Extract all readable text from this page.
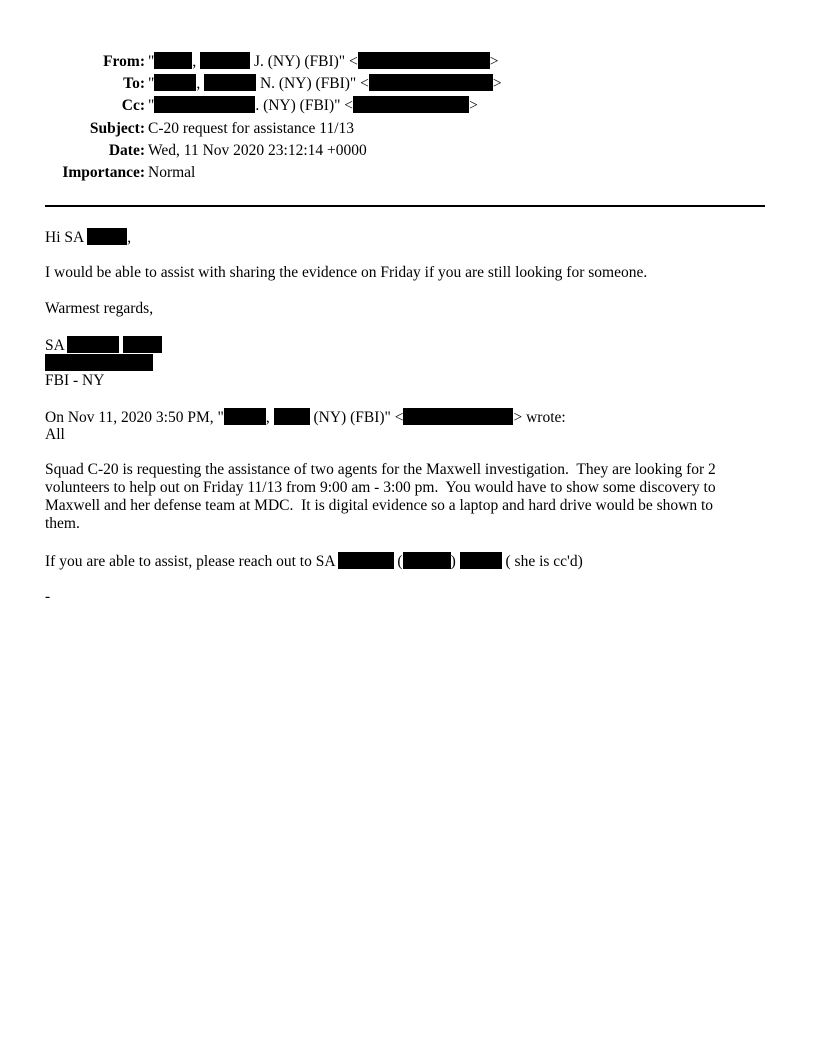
From: " ,	J. (NY) (FBI)" <	>
To: "	,	N. (NY) (FBI)" <	>
Cc: "	. (NY) (FBI)" <	>
Subject: C-20 request for assistance 11/13
Date: Wed, 11 Nov 2020 23:12:14 +0000
Importance: Normal
Hi SA	,
I would be able to assist with sharing the evidence on Friday if you are still looking for someone.
Warmest regards,
SA
FBI - NY
On Nov 11, 2020 3:50 PM, "	,	(NY) (FBI)" <	> wrote:
All
Squad C-20 is requesting the assistance of two agents for the Maxwell investigation.  They are looking for 2 volunteers to help out on Friday 11/13 from 9:00 am - 3:00 pm.  You would have to show some discovery to Maxwell and her defense team at MDC.  It is digital evidence so a laptop and hard drive would be shown to them.
If you are able to assist, please reach out to SA	(	)	( she is cc'd)
-
